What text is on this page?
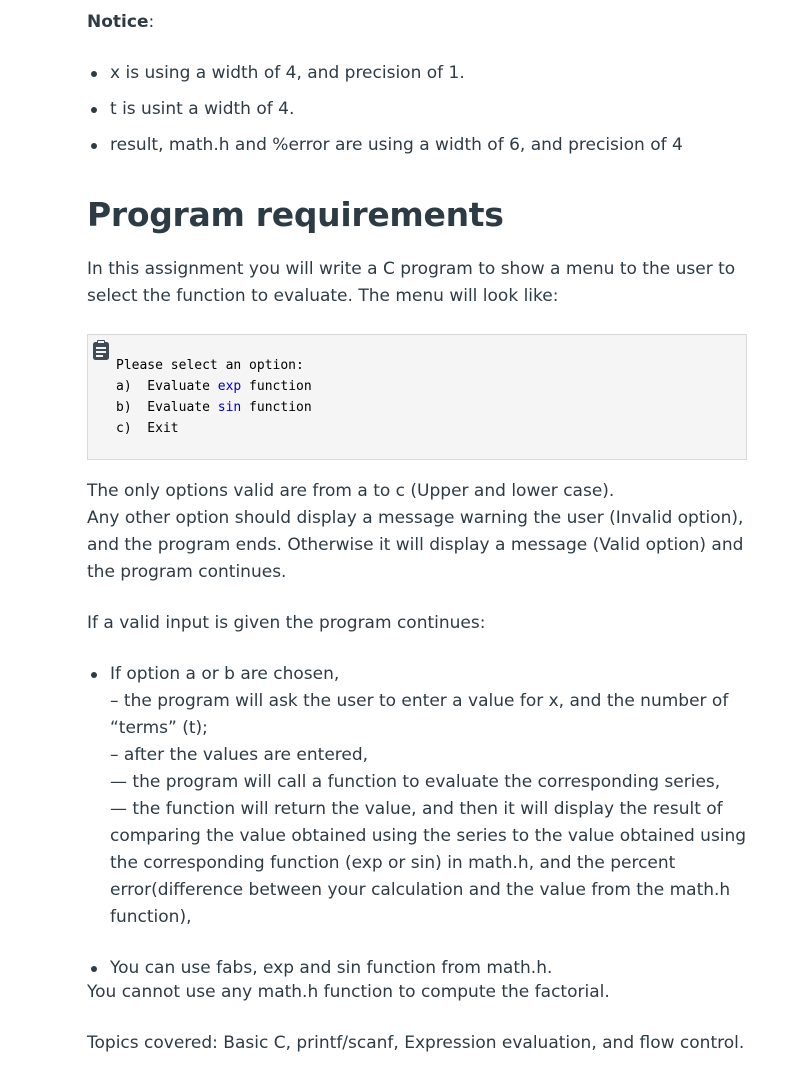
Notice:
x is using a width of 4, and precision of 1.
t is usint a width of 4.
result, math.h and %error are using a width of 6, and precision of 4
Program requirements

In this assignment you will write a C program to show a menu to the user to select the function to evaluate. The menu will look like:

Please select an option:
a)  Evaluate exp function
b)  Evaluate sin function
c)  Exit

The only options valid are from a to c (Upper and lower case).
Any other option should display a message warning the user (Invalid option), and the program ends. Otherwise it will display a message (Valid option) and the program continues.

If a valid input is given the program continues:

If option a or b are chosen,
– the program will ask the user to enter a value for x, and the number of “terms” (t);
– after the values are entered,
— the program will call a function to evaluate the corresponding series,
— the function will return the value, and then it will display the result of comparing the value obtained using the series to the value obtained using the corresponding function (exp or sin) in math.h, and the percent error(difference between your calculation and the value from the math.h function),
You can use fabs, exp and sin function from math.h.

You cannot use any math.h function to compute the factorial.

Topics covered: Basic C, printf/scanf, Expression evaluation, and flow control.
